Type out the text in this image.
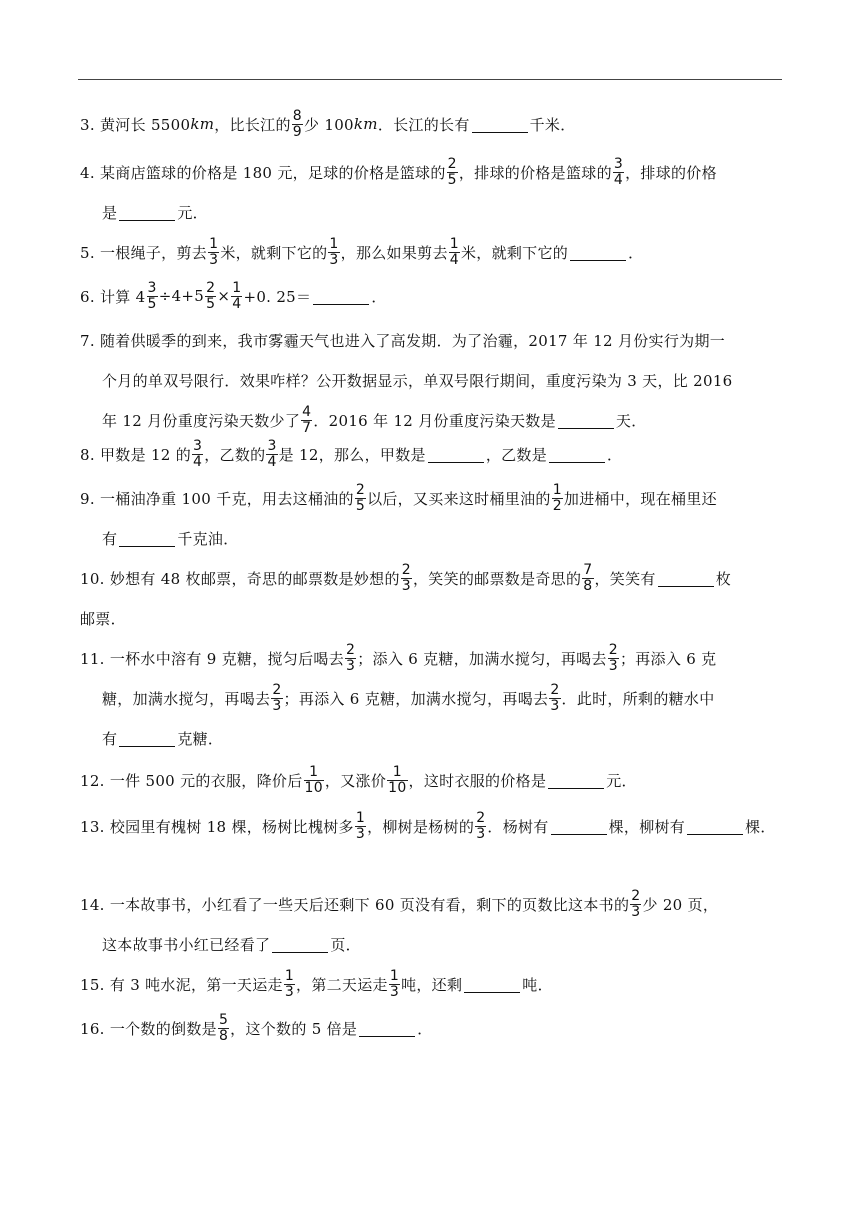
3. 黄河长 5500 km ，比长江的 $\frac{8}{9}$ 少 100 km ．长江的长有	千米．
4. 某商店篮球的价格是 180 元，足球的价格是篮球的 $\frac{2}{5}$ ，排球的价格是篮球的 $\frac{3}{4}$ ，排球的价格
是	元．
5. 一根绳子，剪去 $\frac{1}{3}$ 米，就剩下它的 $\frac{1}{3}$ ，那么如果剪去 $\frac{1}{4}$ 米，就剩下它的	．
6. 计算 $4 \frac{3}{5} \div 4+5 \frac{2}{5} \times \frac{1}{4} +0$. 25＝	．
7. 随着供暖季的到来，我市雾霾天气也进入了高发期．为了治霾，2017 年 12 月份实行为期一
个月的单双号限行．效果咋样？公开数据显示，单双号限行期间，重度污染为 3 天，比 2016
年 12 月份重度污染天数少了 $\frac{4}{7}$ ．2016 年 12 月份重度污染天数是	天．
8. 甲数是 12 的 $\frac{3}{4}$ ，乙数的 $\frac{3}{4}$ 是 12，那么，甲数是	，乙数是	．
9. 一桶油净重 100 千克，用去这桶油的 $\frac{2}{5}$ 以后，又买来这时桶里油的 $\frac{1}{2}$ 加进桶中，现在桶里还
有	千克油．
10. 妙想有 48 枚邮票，奇思的邮票数是妙想的 $\frac{2}{3}$ ，笑笑的邮票数是奇思的 $\frac{7}{8}$ ，笑笑有	枚
邮票．
11. 一杯水中溶有 9 克糖，搅匀后喝去 $\frac{2}{3}$ ；添入 6 克糖，加满水搅匀，再喝去 $\frac{2}{3}$ ；再添入 6 克
糖，加满水搅匀，再喝去 $\frac{2}{3}$ ；再添入 6 克糖，加满水搅匀，再喝去 $\frac{2}{3}$ ．此时，所剩的糖水中
有	克糖．
12. 一件 500 元的衣服，降价后 $\frac{1}{10}$ ，又涨价 $\frac{1}{10}$ ，这时衣服的价格是	元．
13. 校园里有槐树 18 棵，杨树比槐树多 $\frac{1}{3}$ ，柳树是杨树的 $\frac{2}{3}$ ．杨树有	棵，柳树有	棵．
14. 一本故事书，小红看了一些天后还剩下 60 页没有看，剩下的页数比这本书的 $\frac{2}{3}$ 少 20 页，
这本故事书小红已经看了	页．
15. 有 3 吨水泥，第一天运走 $\frac{1}{3}$ ，第二天运走 $\frac{1}{3}$ 吨，还剩	吨．
16. 一个数的倒数是 $\frac{5}{8}$ ，这个数的 5 倍是	．
